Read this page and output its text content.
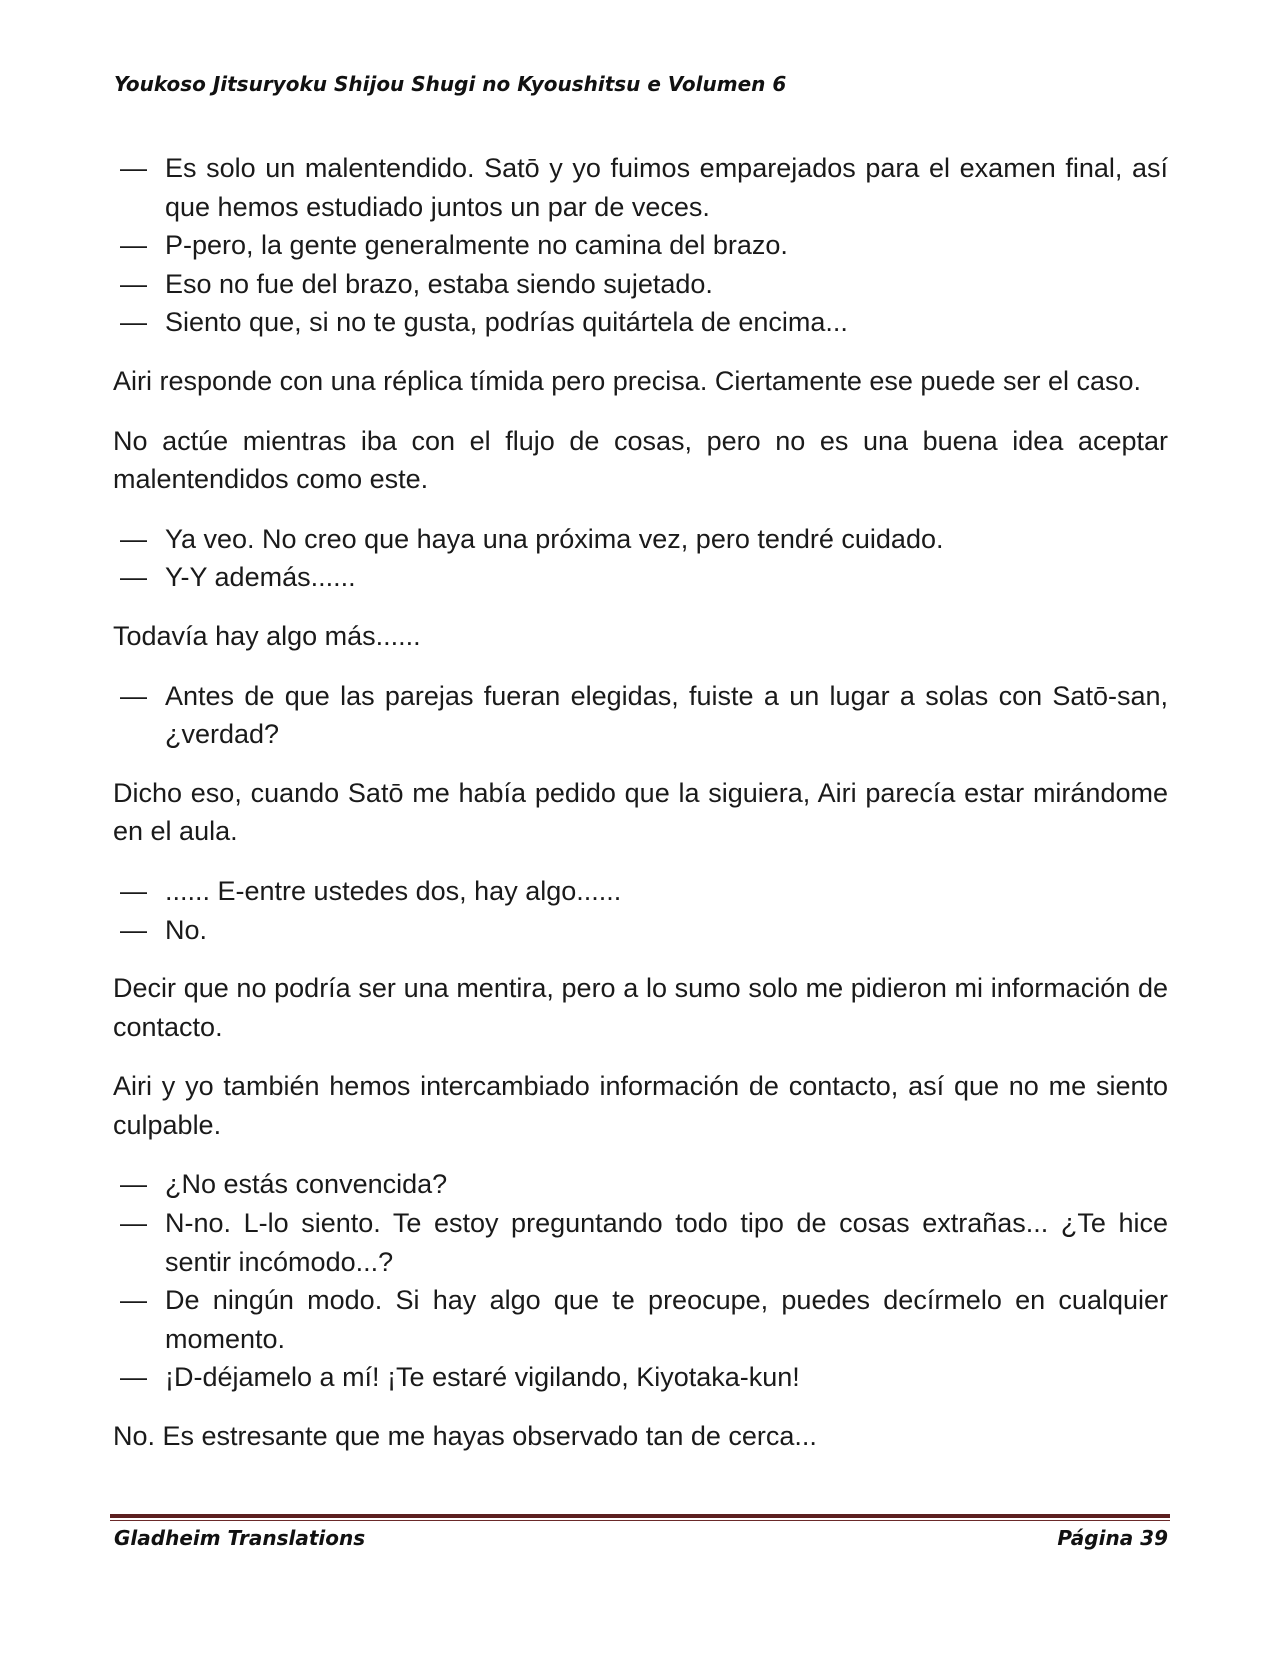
Youkoso Jitsuryoku Shijou Shugi no Kyoushitsu e Volumen 6
— Es solo un malentendido. Satō y yo fuimos emparejados para el examen final, así que hemos estudiado juntos un par de veces.
— P-pero, la gente generalmente no camina del brazo.
— Eso no fue del brazo, estaba siendo sujetado.
— Siento que, si no te gusta, podrías quitártela de encima...
Airi responde con una réplica tímida pero precisa. Ciertamente ese puede ser el caso.
No actúe mientras iba con el flujo de cosas, pero no es una buena idea aceptar malentendidos como este.
— Ya veo. No creo que haya una próxima vez, pero tendré cuidado.
— Y-Y además......
Todavía hay algo más......
— Antes de que las parejas fueran elegidas, fuiste a un lugar a solas con Satō-san, ¿verdad?
Dicho eso, cuando Satō me había pedido que la siguiera, Airi parecía estar mirándome en el aula.
— ...... E-entre ustedes dos, hay algo......
— No.
Decir que no podría ser una mentira, pero a lo sumo solo me pidieron mi información de contacto.
Airi y yo también hemos intercambiado información de contacto, así que no me siento culpable.
— ¿No estás convencida?
— N-no. L-lo siento. Te estoy preguntando todo tipo de cosas extrañas... ¿Te hice sentir incómodo...?
— De ningún modo. Si hay algo que te preocupe, puedes decírmelo en cualquier momento.
— ¡D-déjamelo a mí! ¡Te estaré vigilando, Kiyotaka-kun!
No. Es estresante que me hayas observado tan de cerca...
Gladheim Translations	Página 39
